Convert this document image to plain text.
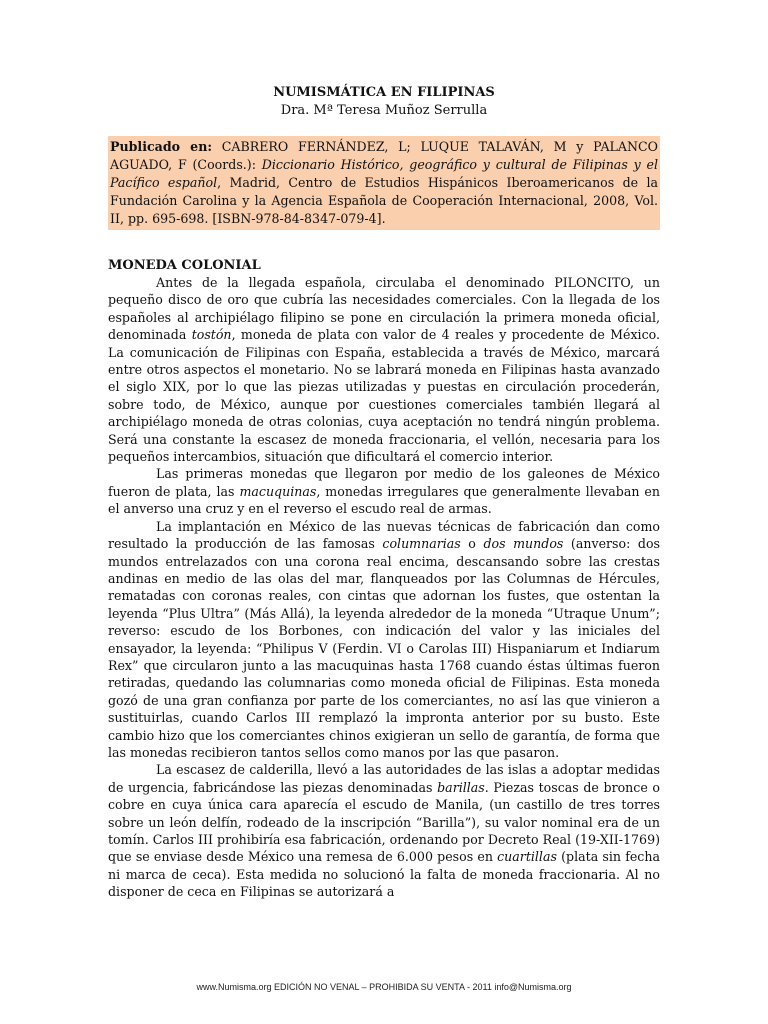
NUMISMÁTICA EN FILIPINAS
Dra. Mª Teresa Muñoz Serrulla
Publicado en: CABRERO FERNÁNDEZ, L; LUQUE TALAVÁN, M y PALANCO AGUADO, F (Coords.): Diccionario Histórico, geográfico y cultural de Filipinas y el Pacífico español, Madrid, Centro de Estudios Hispánicos Iberoamericanos de la Fundación Carolina y la Agencia Española de Cooperación Internacional, 2008, Vol. II, pp. 695-698. [ISBN-978-84-8347-079-4].
MONEDA COLONIAL

Antes de la llegada española, circulaba el denominado PILONCITO, un pequeño disco de oro que cubría las necesidades comerciales. Con la llegada de los españoles al archipiélago filipino se pone en circulación la primera moneda oficial, denominada tostón, moneda de plata con valor de 4 reales y procedente de México. La comunicación de Filipinas con España, establecida a través de México, marcará entre otros aspectos el monetario. No se labrará moneda en Filipinas hasta avanzado el siglo XIX, por lo que las piezas utilizadas y puestas en circulación procederán, sobre todo, de México, aunque por cuestiones comerciales también llegará al archipiélago moneda de otras colonias, cuya aceptación no tendrá ningún problema. Será una constante la escasez de moneda fraccionaria, el vellón, necesaria para los pequeños intercambios, situación que dificultará el comercio interior.

Las primeras monedas que llegaron por medio de los galeones de México fueron de plata, las macuquinas, monedas irregulares que generalmente llevaban en el anverso una cruz y en el reverso el escudo real de armas.

La implantación en México de las nuevas técnicas de fabricación dan como resultado la producción de las famosas columnarias o dos mundos (anverso: dos mundos entrelazados con una corona real encima, descansando sobre las crestas andinas en medio de las olas del mar, flanqueados por las Columnas de Hércules, rematadas con coronas reales, con cintas que adornan los fustes, que ostentan la leyenda “Plus Ultra” (Más Allá), la leyenda alrededor de la moneda “Utraque Unum”; reverso: escudo de los Borbones, con indicación del valor y las iniciales del ensayador, la leyenda: “Philipus V (Ferdin. VI o Carolas III) Hispaniarum et Indiarum Rex” que circularon junto a las macuquinas hasta 1768 cuando éstas últimas fueron retiradas, quedando las columnarias como moneda oficial de Filipinas. Esta moneda gozó de una gran confianza por parte de los comerciantes, no así las que vinieron a sustituirlas, cuando Carlos III remplazó la impronta anterior por su busto. Este cambio hizo que los comerciantes chinos exigieran un sello de garantía, de forma que las monedas recibieron tantos sellos como manos por las que pasaron.

La escasez de calderilla, llevó a las autoridades de las islas a adoptar medidas de urgencia, fabricándose las piezas denominadas barillas. Piezas toscas de bronce o cobre en cuya única cara aparecía el escudo de Manila, (un castillo de tres torres sobre un león delfín, rodeado de la inscripción “Barilla”), su valor nominal era de un tomín. Carlos III prohibiría esa fabricación, ordenando por Decreto Real (19-XII-1769) que se enviase desde México una remesa de 6.000 pesos en cuartillas (plata sin fecha ni marca de ceca). Esta medida no solucionó la falta de moneda fraccionaria. Al no disponer de ceca en Filipinas se autorizará a

www.Numisma.org EDICIÓN NO VENAL – PROHIBIDA SU VENTA - 2011 info@Numisma.org
